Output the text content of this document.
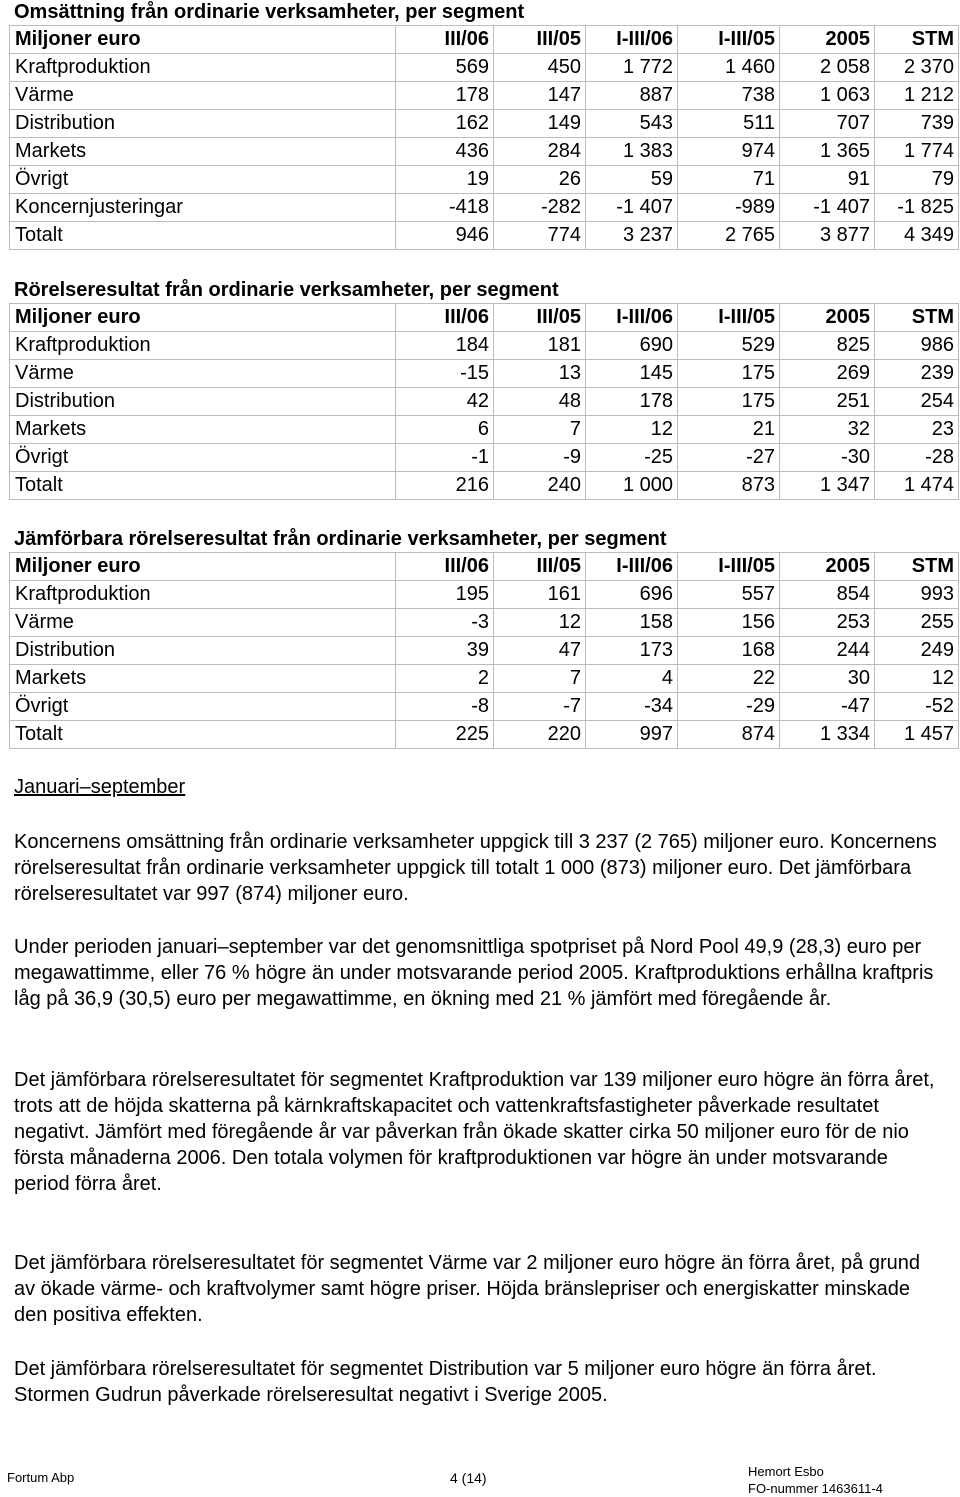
Omsättning från ordinarie verksamheter, per segment
Miljoner euro	III/06	III/05	I-III/06	I-III/05	2005	STM
Kraftproduktion	569	450	1 772	1 460	2 058	2 370
Värme	178	147	887	738	1 063	1 212
Distribution	162	149	543	511	707	739
Markets	436	284	1 383	974	1 365	1 774
Övrigt	19	26	59	71	91	79
Koncernjusteringar	-418	-282	-1 407	-989	-1 407	-1 825
Totalt	946	774	3 237	2 765	3 877	4 349
Rörelseresultat från ordinarie verksamheter, per segment
Miljoner euro	III/06	III/05	I-III/06	I-III/05	2005	STM
Kraftproduktion	184	181	690	529	825	986
Värme	-15	13	145	175	269	239
Distribution	42	48	178	175	251	254
Markets	6	7	12	21	32	23
Övrigt	-1	-9	-25	-27	-30	-28
Totalt	216	240	1 000	873	1 347	1 474
Jämförbara rörelseresultat från ordinarie verksamheter, per segment
Miljoner euro	III/06	III/05	I-III/06	I-III/05	2005	STM
Kraftproduktion	195	161	696	557	854	993
Värme	-3	12	158	156	253	255
Distribution	39	47	173	168	244	249
Markets	2	7	4	22	30	12
Övrigt	-8	-7	-34	-29	-47	-52
Totalt	225	220	997	874	1 334	1 457
Januari–september

Koncernens omsättning från ordinarie verksamheter uppgick till 3 237 (2 765) miljoner euro. Koncernens rörelseresultat från ordinarie verksamheter uppgick till totalt 1 000 (873) miljoner euro. Det jämförbara rörelseresultatet var 997 (874) miljoner euro.

Under perioden januari–september var det genomsnittliga spotpriset på Nord Pool 49,9 (28,3) euro per megawattimme, eller 76 % högre än under motsvarande period 2005. Kraftproduktions erhållna kraftpris låg på 36,9 (30,5) euro per megawattimme, en ökning med 21 % jämfört med föregående år.

Det jämförbara rörelseresultatet för segmentet Kraftproduktion var 139 miljoner euro högre än förra året, trots att de höjda skatterna på kärnkraftskapacitet och vattenkraftsfastigheter påverkade resultatet negativt. Jämfört med föregående år var påverkan från ökade skatter cirka 50 miljoner euro för de nio första månaderna 2006. Den totala volymen för kraftproduktionen var högre än under motsvarande period förra året.

Det jämförbara rörelseresultatet för segmentet Värme var 2 miljoner euro högre än förra året, på grund av ökade värme- och kraftvolymer samt högre priser. Höjda bränslepriser och energiskatter minskade den positiva effekten.

Det jämförbara rörelseresultatet för segmentet Distribution var 5 miljoner euro högre än förra året. Stormen Gudrun påverkade rörelseresultat negativt i Sverige 2005.

Fortum Abp	4 (14)	Hemort Esbo
FO-nummer 1463611-4
